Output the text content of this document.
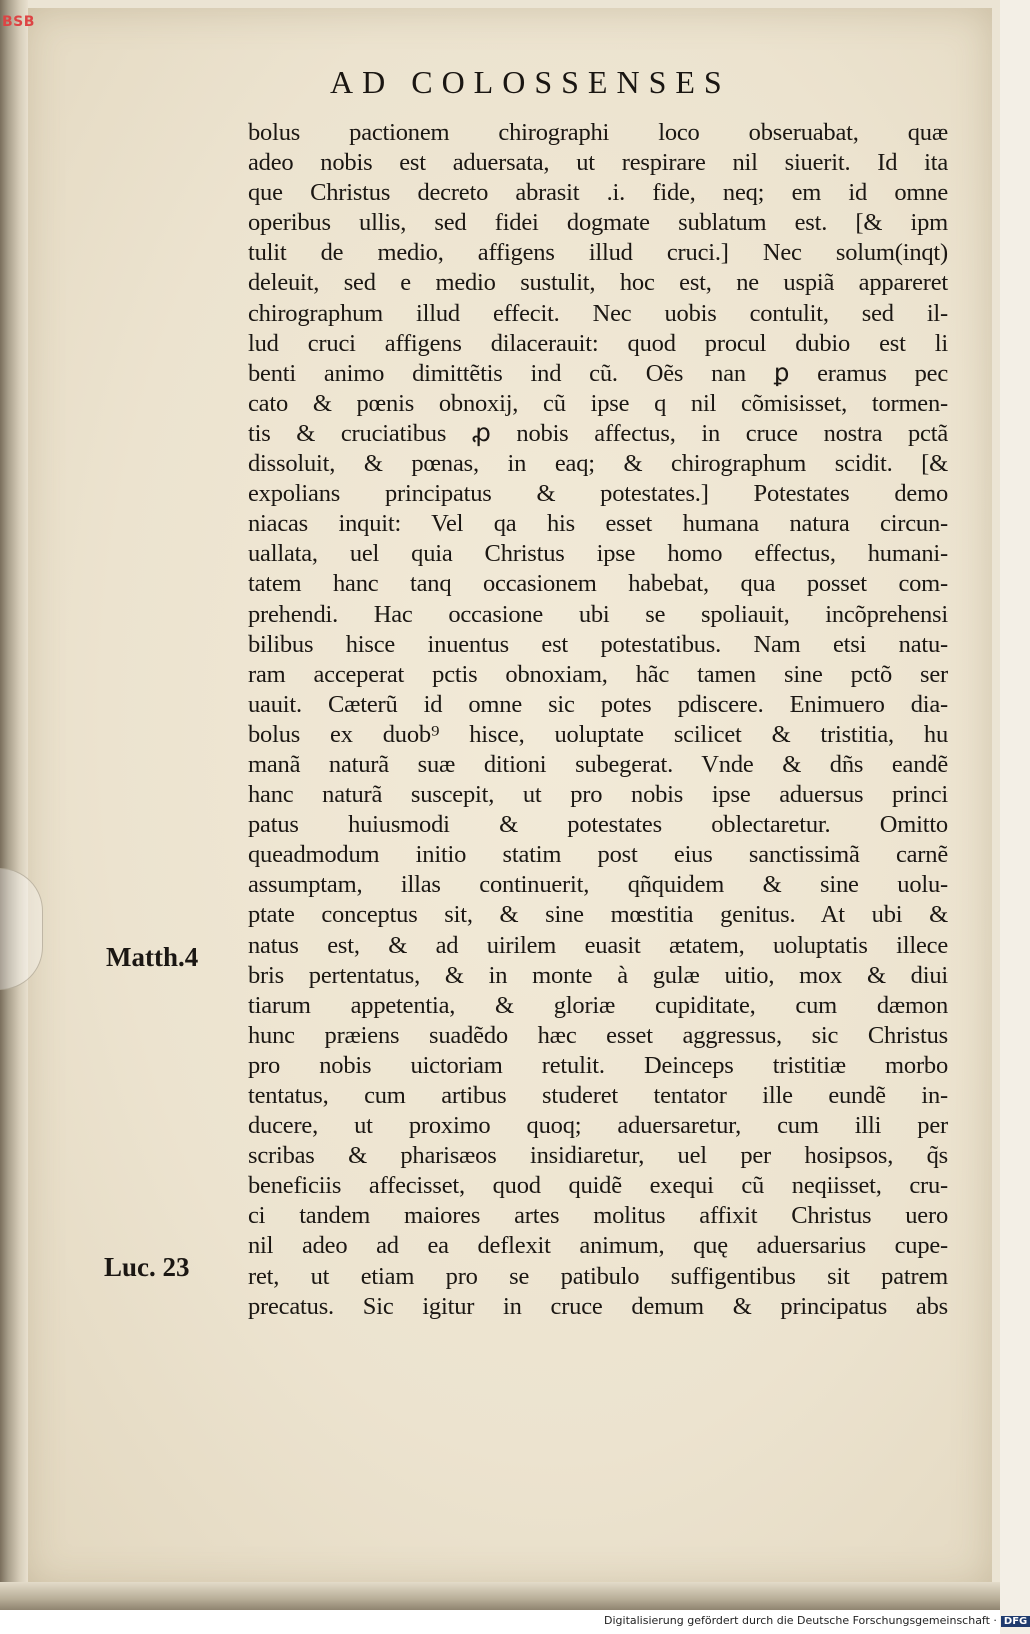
BSB
AD COLOSSENSES
bolus pactionem chirographi loco obseruabat, quæ
adeo nobis est aduersata, ut respirare nil siuerit. Id ita
que Christus decreto abrasit .i. fide, neq; em id omne
operibus ullis, sed fidei dogmate sublatum est. [& ipm
tulit de medio, affigens illud cruci.] Nec solum(inqt)
deleuit, sed e medio sustulit, hoc est, ne uspiã appareret
chirographum illud effecit. Nec uobis contulit, sed il-
lud cruci affigens dilacerauit: quod procul dubio est li
benti animo dimittẽtis ind cũ. Oẽs nan ꝑ eramus pec
cato & pœnis obnoxij, cũ ipse q nil cõmisisset, tormen-
tis & cruciatibus ꝓ nobis affectus, in cruce nostra pctã
dissoluit, & pœnas, in eaq; & chirographum scidit. [&
expolians principatus & potestates.] Potestates demo
niacas inquit: Vel qa his esset humana natura circun-
uallata, uel quia Christus ipse homo effectus, humani-
tatem hanc tanq occasionem habebat, qua posset com-
prehendi. Hac occasione ubi se spoliauit, incõprehensi
bilibus hisce inuentus est potestatibus. Nam etsi natu-
ram acceperat pctis obnoxiam, hãc tamen sine pctõ ser
uauit. Cæterũ id omne sic potes pdiscere. Enimuero dia-
bolus ex duob⁹ hisce, uoluptate scilicet & tristitia, hu
manã naturã suæ ditioni subegerat. Vnde & dñs eandẽ
hanc naturã suscepit, ut pro nobis ipse aduersus princi
patus huiusmodi & potestates oblectaretur. Omitto
queadmodum initio statim post eius sanctissimã carnẽ
assumptam, illas continuerit, qñquidem & sine uolu-
ptate conceptus sit, & sine mœstitia genitus. At ubi &
natus est, & ad uirilem euasit ætatem, uoluptatis illece
bris pertentatus, & in monte à gulæ uitio, mox & diui
tiarum appetentia, & gloriæ cupiditate, cum dæmon
hunc præiens suadẽdo hæc esset aggressus, sic Christus
pro nobis uictoriam retulit. Deinceps tristitiæ morbo
tentatus, cum artibus studeret tentator ille eundẽ in-
ducere, ut proximo quoq; aduersaretur, cum illi per
scribas & pharisæos insidiaretur, uel per hosipsos, q̃s
beneficiis affecisset, quod quidẽ exequi cũ neqiisset, cru-
ci tandem maiores artes molitus affixit Christus uero
nil adeo ad ea deflexit animum, quę aduersarius cupe-
ret, ut etiam pro se patibulo suffigentibus sit patrem
precatus. Sic igitur in cruce demum & principatus abs
Matth.4
Luc. 23
Digitalisierung gefördert durch die Deutsche Forschungsgemeinschaft · DFG
